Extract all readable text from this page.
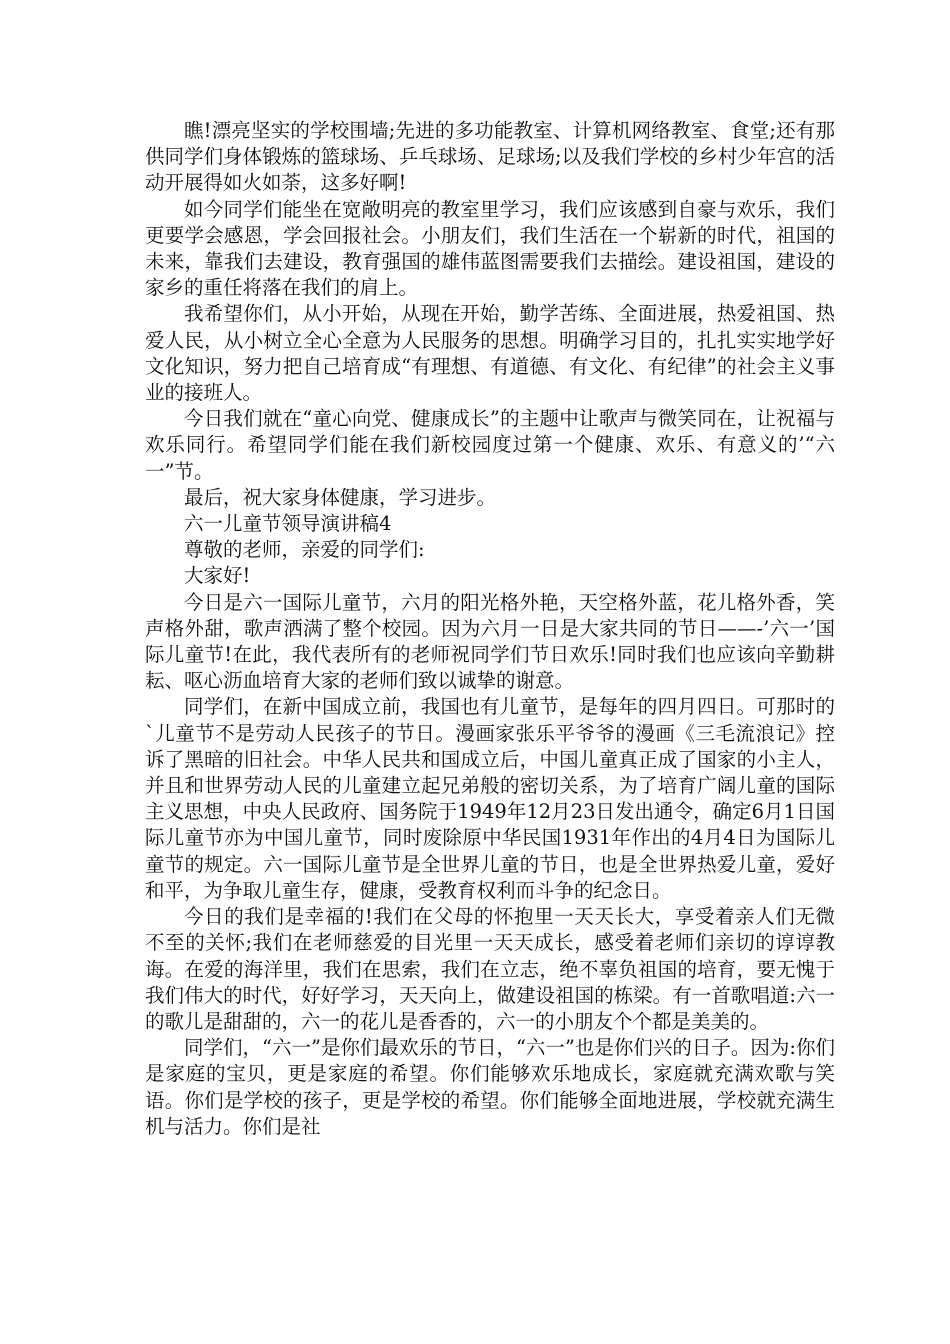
瞧!漂亮坚实的学校围墙;先进的多功能教室、计算机网络教室、食堂;还有那供同学们身体锻炼的篮球场、乒乓球场、足球场;以及我们学校的乡村少年宫的活动开展得如火如荼，这多好啊!

如今同学们能坐在宽敞明亮的教室里学习，我们应该感到自豪与欢乐，我们更要学会感恩，学会回报社会。小朋友们，我们生活在一个崭新的时代，祖国的未来，靠我们去建设，教育强国的雄伟蓝图需要我们去描绘。建设祖国，建设的家乡的重任将落在我们的肩上。

我希望你们，从小开始，从现在开始，勤学苦练、全面进展，热爱祖国、热爱人民，从小树立全心全意为人民服务的思想。明确学习目的，扎扎实实地学好文化知识，努力把自己培育成“有理想、有道德、有文化、有纪律”的社会主义事业的接班人。

今日我们就在“童心向党、健康成长”的主题中让歌声与微笑同在，让祝福与欢乐同行。希望同学们能在我们新校园度过第一个健康、欢乐、有意义的’“六一”节。

最后，祝大家身体健康，学习进步。

六一儿童节领导演讲稿4

尊敬的老师，亲爱的同学们:

大家好!

今日是六一国际儿童节，六月的阳光格外艳，天空格外蓝，花儿格外香，笑声格外甜，歌声洒满了整个校园。因为六月一日是大家共同的节日——-’六一’国际儿童节!在此，我代表所有的老师祝同学们节日欢乐!同时我们也应该向辛勤耕耘、呕心沥血培育大家的老师们致以诚挚的谢意。

同学们，在新中国成立前，我国也有儿童节，是每年的四月四日。可那时的`儿童节不是劳动人民孩子的节日。漫画家张乐平爷爷的漫画《三毛流浪记》控诉了黑暗的旧社会。中华人民共和国成立后，中国儿童真正成了国家的小主人，并且和世界劳动人民的儿童建立起兄弟般的密切关系，为了培育广阔儿童的国际主义思想，中央人民政府、国务院于1949年12月23日发出通令，确定6月1日国际儿童节亦为中国儿童节，同时废除原中华民国1931年作出的4月4日为国际儿童节的规定。六一国际儿童节是全世界儿童的节日，也是全世界热爱儿童，爱好和平，为争取儿童生存，健康，受教育权利而斗争的纪念日。

今日的我们是幸福的!我们在父母的怀抱里一天天长大，享受着亲人们无微不至的关怀;我们在老师慈爱的目光里一天天成长，感受着老师们亲切的谆谆教诲。在爱的海洋里，我们在思索，我们在立志，绝不辜负祖国的培育，要无愧于我们伟大的时代，好好学习，天天向上，做建设祖国的栋梁。有一首歌唱道:六一的歌儿是甜甜的，六一的花儿是香香的，六一的小朋友个个都是美美的。

同学们，“六一”是你们最欢乐的节日，“六一”也是你们兴的日子。因为:你们是家庭的宝贝，更是家庭的希望。你们能够欢乐地成长，家庭就充满欢歌与笑语。你们是学校的孩子，更是学校的希望。你们能够全面地进展，学校就充满生机与活力。你们是社
